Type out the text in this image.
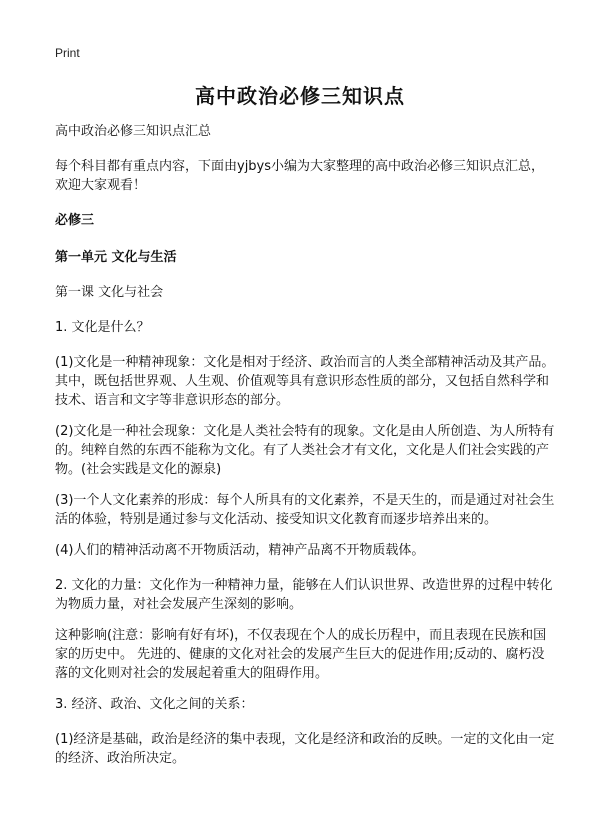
Print
高中政治必修三知识点

高中政治必修三知识点汇总

每个科目都有重点内容，下面由yjbys小编为大家整理的高中政治必修三知识点汇总，欢迎大家观看！

必修三

第一单元 文化与生活

第一课 文化与社会

1. 文化是什么？

(1)文化是一种精神现象：文化是相对于经济、政治而言的人类全部精神活动及其产品。其中，既包括世界观、人生观、价值观等具有意识形态性质的部分，又包括自然科学和技术、语言和文字等非意识形态的部分。

(2)文化是一种社会现象：文化是人类社会特有的现象。文化是由人所创造、为人所特有的。纯粹自然的东西不能称为文化。有了人类社会才有文化，文化是人们社会实践的产物。(社会实践是文化的源泉)

(3)一个人文化素养的形成：每个人所具有的文化素养，不是天生的，而是通过对社会生活的体验，特别是通过参与文化活动、接受知识文化教育而逐步培养出来的。

(4)人们的精神活动离不开物质活动，精神产品离不开物质载体。

2. 文化的力量：文化作为一种精神力量，能够在人们认识世界、改造世界的过程中转化为物质力量，对社会发展产生深刻的影响。

这种影响(注意：影响有好有坏)，不仅表现在个人的成长历程中，而且表现在民族和国家的历史中。 先进的、健康的文化对社会的发展产生巨大的促进作用;反动的、腐朽没落的文化则对社会的发展起着重大的阻碍作用。

3. 经济、政治、文化之间的关系：

(1)经济是基础，政治是经济的集中表现，文化是经济和政治的反映。一定的文化由一定的经济、政治所决定。
